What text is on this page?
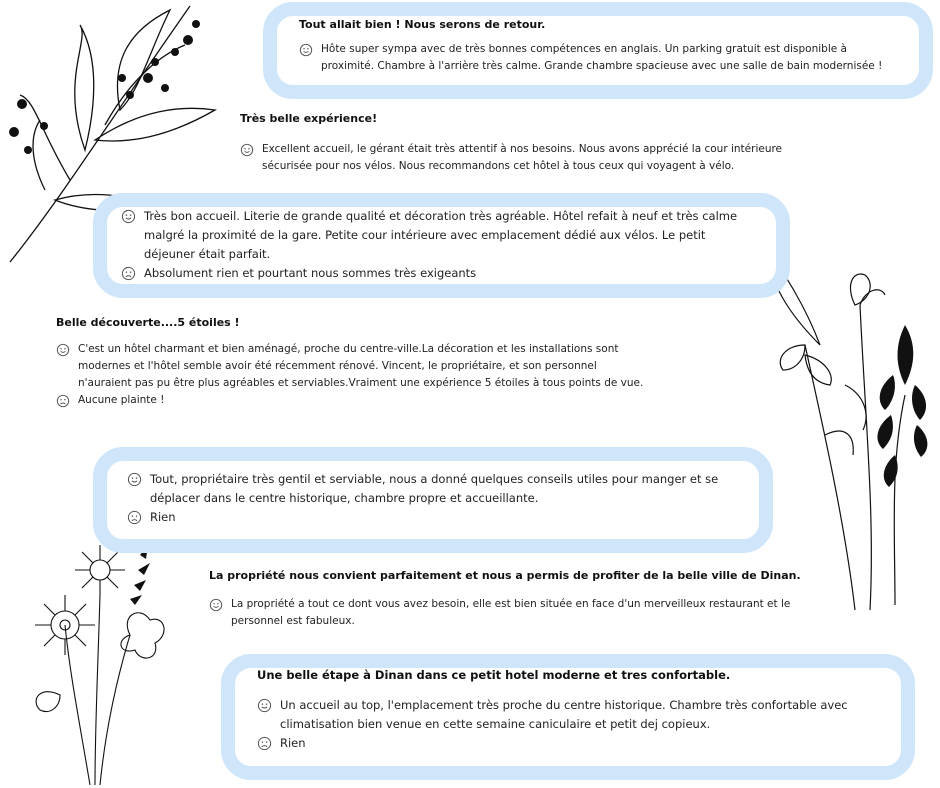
Tout allait bien ! Nous serons de retour.
Hôte super sympa avec de très bonnes compétences en anglais. Un parking gratuit est disponible à proximité. Chambre à l'arrière très calme. Grande chambre spacieuse avec une salle de bain modernisée !
Très belle expérience!
Excellent accueil, le gérant était très attentif à nos besoins. Nous avons apprécié la cour intérieure sécurisée pour nos vélos. Nous recommandons cet hôtel à tous ceux qui voyagent à vélo.
Très bon accueil. Literie de grande qualité et décoration très agréable. Hôtel refait à neuf et très calme malgré la proximité de la gare. Petite cour intérieure avec emplacement dédié aux vélos. Le petit déjeuner était parfait.
Absolument rien et pourtant nous sommes très exigeants
Belle découverte....5 étoiles !
C'est un hôtel charmant et bien aménagé, proche du centre-ville.La décoration et les installations sont modernes et l'hôtel semble avoir été récemment rénové. Vincent, le propriétaire, et son personnel n'auraient pas pu être plus agréables et serviables.Vraiment une expérience 5 étoiles à tous points de vue.
Aucune plainte !
Tout, propriétaire très gentil et serviable, nous a donné quelques conseils utiles pour manger et se déplacer dans le centre historique, chambre propre et accueillante.
Rien
La propriété nous convient parfaitement et nous a permis de profiter de la belle ville de Dinan.
La propriété a tout ce dont vous avez besoin, elle est bien située en face d'un merveilleux restaurant et le personnel est fabuleux.
Une belle étape à Dinan dans ce petit hotel moderne et tres confortable.
Un accueil au top, l'emplacement très proche du centre historique. Chambre très confortable avec climatisation bien venue en cette semaine caniculaire et petit dej copieux.
Rien
